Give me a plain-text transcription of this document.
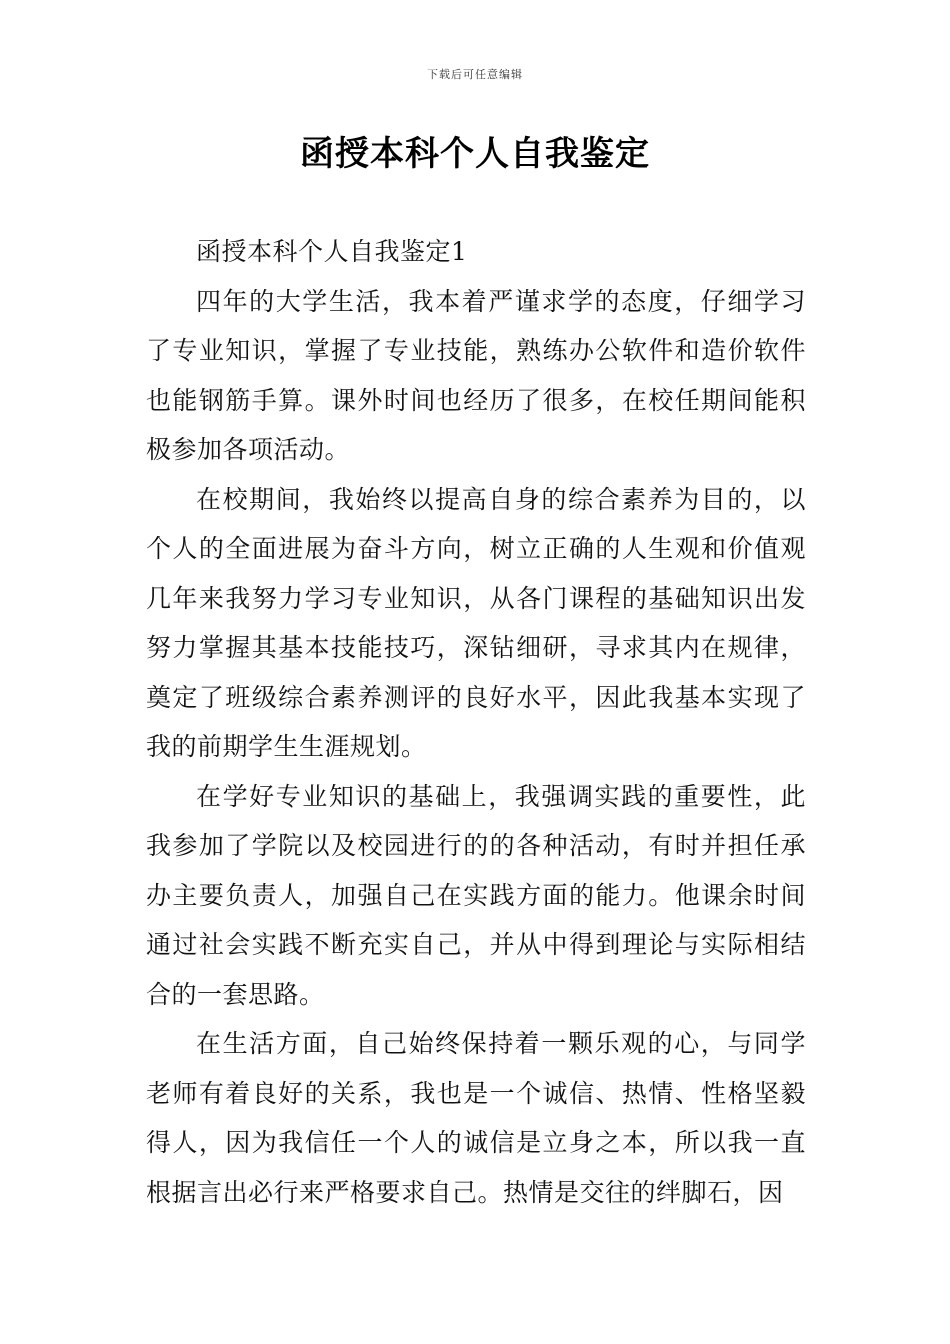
下载后可任意编辑
函授本科个人自我鉴定

函授本科个人自我鉴定1

四年的大学生活，我本着严谨求学的态度，仔细学习了专业知识，掌握了专业技能，熟练办公软件和造价软件也能钢筋手算。课外时间也经历了很多，在校任期间能积极参加各项活动。

在校期间，我始终以提高自身的综合素养为目的，以个人的全面进展为奋斗方向，树立正确的人生观和价值观几年来我努力学习专业知识，从各门课程的基础知识出发努力掌握其基本技能技巧，深钻细研，寻求其内在规律，奠定了班级综合素养测评的良好水平，因此我基本实现了我的前期学生生涯规划。

在学好专业知识的基础上，我强调实践的重要性，此我参加了学院以及校园进行的的各种活动，有时并担任承办主要负责人，加强自己在实践方面的能力。他课余时间通过社会实践不断充实自己，并从中得到理论与实际相结合的一套思路。

在生活方面，自己始终保持着一颗乐观的心，与同学老师有着良好的关系，我也是一个诚信、热情、性格坚毅得人，因为我信任一个人的诚信是立身之本，所以我一直根据言出必行来严格要求自己。热情是交往的绊脚石，因
